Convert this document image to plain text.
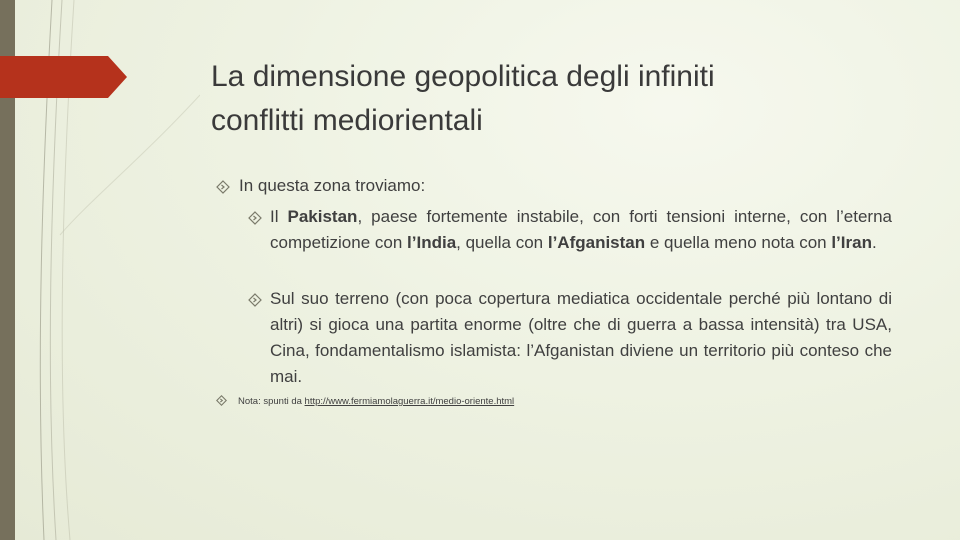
La dimensione geopolitica degli infiniti
conflitti mediorientali
In questa zona troviamo:
Il Pakistan, paese fortemente instabile, con forti tensioni interne, con l’eterna competizione con l’India, quella con l’Afganistan e quella meno nota con l’Iran.
Sul suo terreno (con poca copertura mediatica occidentale perché più lontano di altri) si gioca una partita enorme (oltre che di guerra a bassa intensità) tra USA, Cina, fondamentalismo islamista: l’Afganistan diviene un territorio più conteso che mai.
Nota: spunti da http://www.fermiamolaguerra.it/medio-oriente.html
